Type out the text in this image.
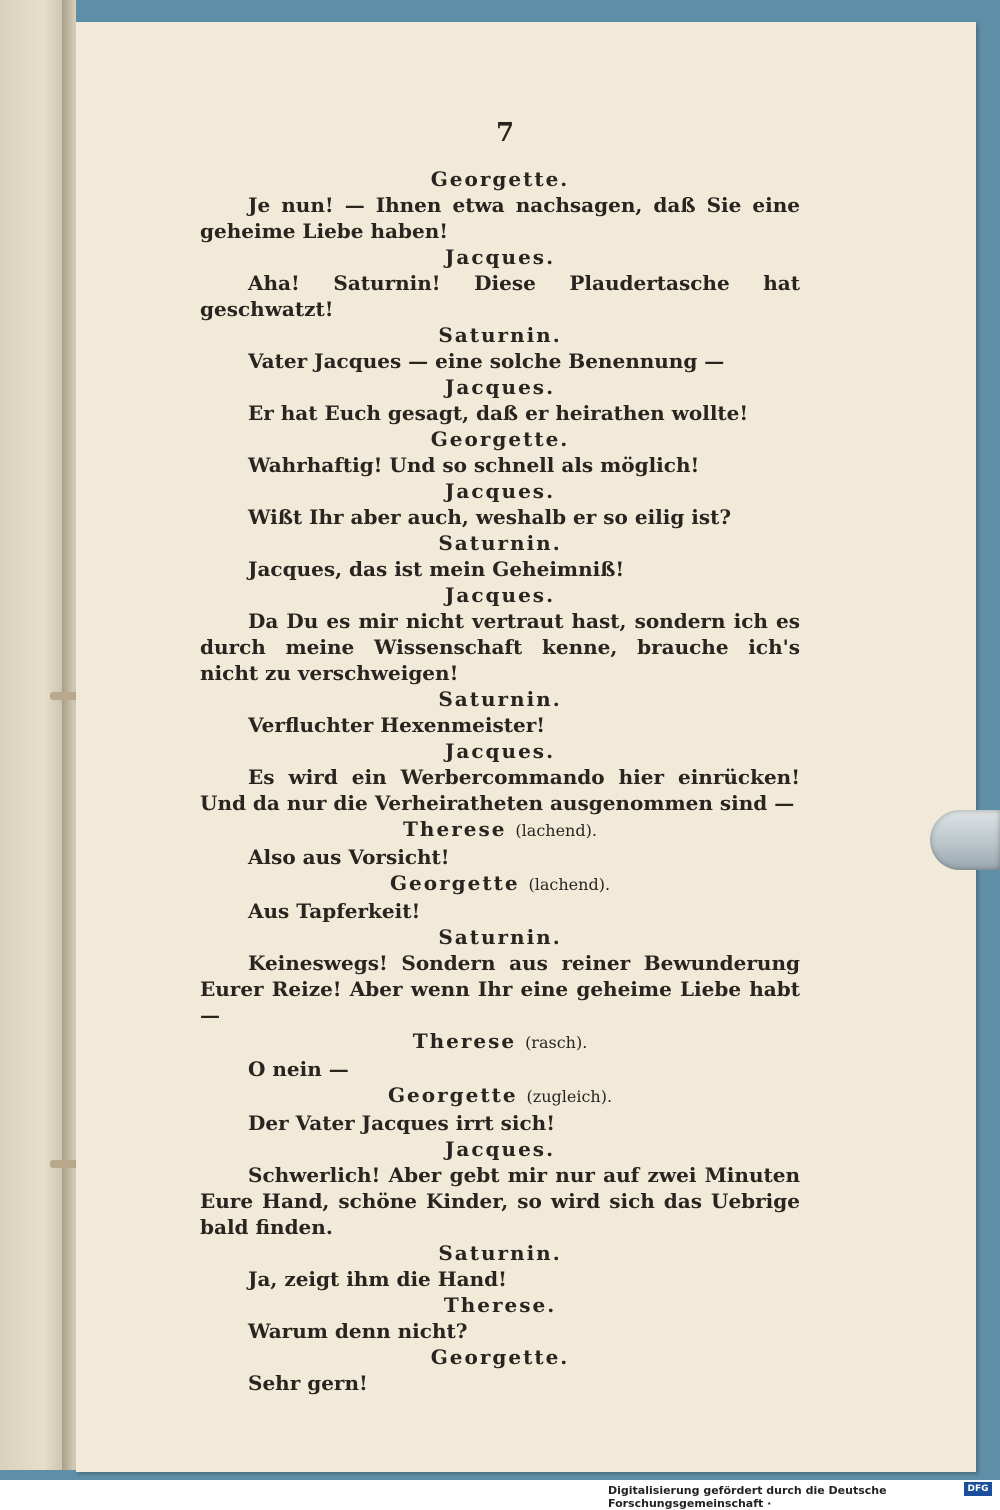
7
Georgette.
Je nun! — Ihnen etwa nachsagen, daß Sie eine geheime Liebe haben!
Jacques.
Aha! Saturnin! Diese Plaudertasche hat geschwatzt!
Saturnin.
Vater Jacques — eine solche Benennung —
Jacques.
Er hat Euch gesagt, daß er heirathen wollte!
Georgette.
Wahrhaftig! Und so schnell als möglich!
Jacques.
Wißt Ihr aber auch, weshalb er so eilig ist?
Saturnin.
Jacques, das ist mein Geheimniß!
Jacques.
Da Du es mir nicht vertraut hast, sondern ich es durch meine Wissenschaft kenne, brauche ich's nicht zu verschweigen!
Saturnin.
Verfluchter Hexenmeister!
Jacques.
Es wird ein Werbercommando hier einrücken! Und da nur die Verheiratheten ausgenommen sind —
Therese (lachend).
Also aus Vorsicht!
Georgette (lachend).
Aus Tapferkeit!
Saturnin.
Keineswegs! Sondern aus reiner Bewunderung Eurer Reize! Aber wenn Ihr eine geheime Liebe habt —
Therese (rasch).
O nein —
Georgette (zugleich).
Der Vater Jacques irrt sich!
Jacques.
Schwerlich! Aber gebt mir nur auf zwei Minuten Eure Hand, schöne Kinder, so wird sich das Uebrige bald finden.
Saturnin.
Ja, zeigt ihm die Hand!
Therese.
Warum denn nicht?
Georgette.
Sehr gern!
Digitalisierung gefördert durch die Deutsche Forschungsgemeinschaft ·
DFG
